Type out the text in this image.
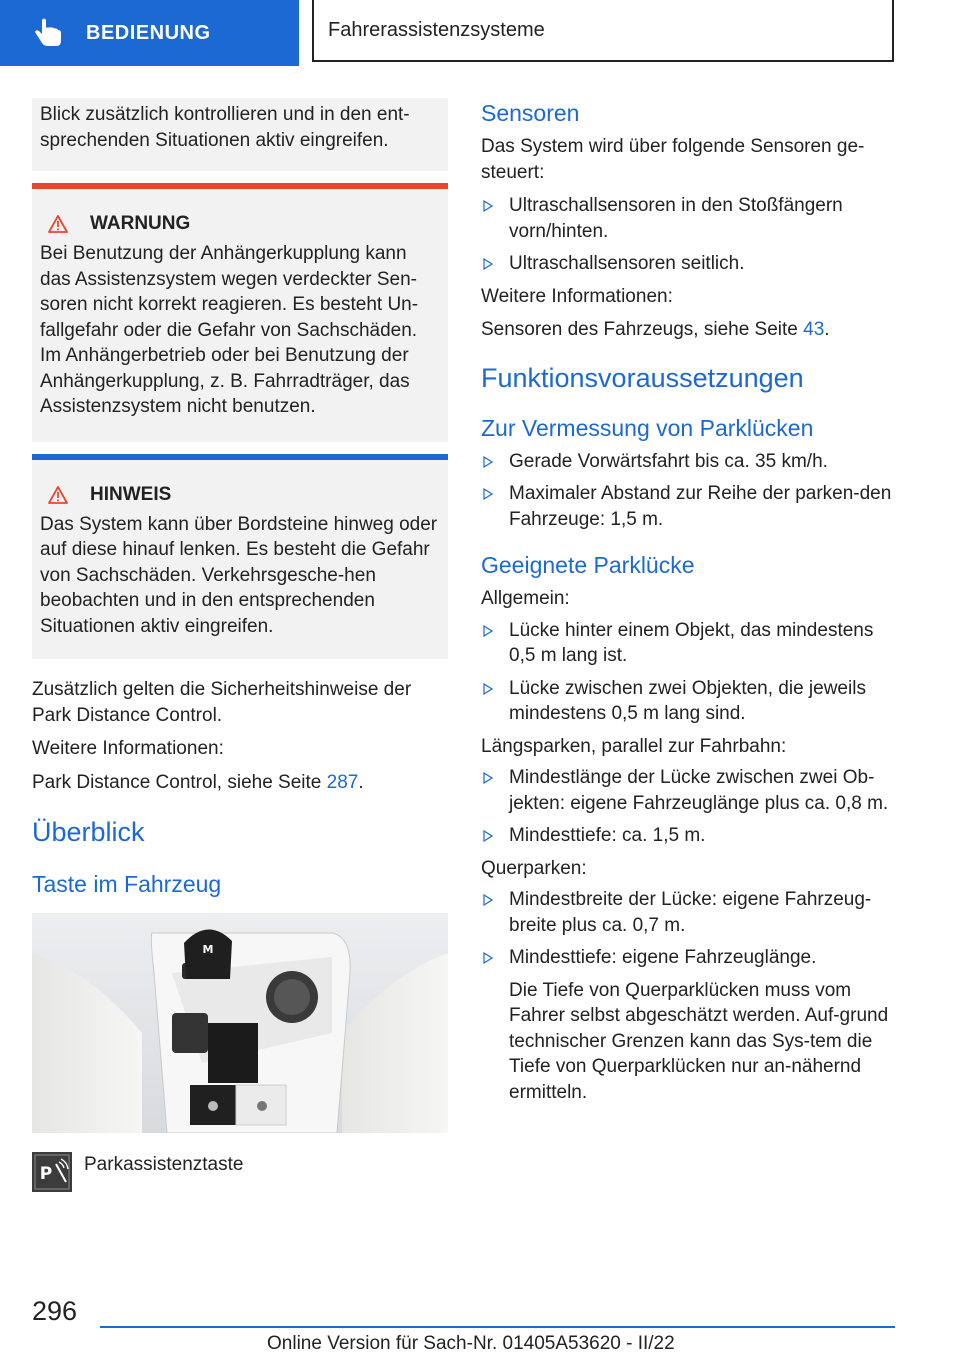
BEDIENUNG	Fahrerassistenzsysteme

Blick zusätzlich kontrollieren und in den ent-sprechenden Situationen aktiv eingreifen.

WARNUNG

Bei Benutzung der Anhängerkupplung kann das Assistenzsystem wegen verdeckter Sen-soren nicht korrekt reagieren. Es besteht Un-fallgefahr oder die Gefahr von Sachschäden. Im Anhängerbetrieb oder bei Benutzung der Anhängerkupplung, z. B. Fahrradträger, das Assistenzsystem nicht benutzen.

HINWEIS

Das System kann über Bordsteine hinweg oder auf diese hinauf lenken. Es besteht die Gefahr von Sachschäden. Verkehrsgesche-hen beobachten und in den entsprechenden Situationen aktiv eingreifen.

Zusätzlich gelten die Sicherheitshinweise der Park Distance Control.

Weitere Informationen:

Park Distance Control, siehe Seite 287.

Überblick
Taste im Fahrzeug
M
P Parkassistenztaste

Sensoren

Das System wird über folgende Sensoren ge-steuert:

Ultraschallsensoren in den Stoßfängern vorn/hinten.
Ultraschallsensoren seitlich.

Weitere Informationen:

Sensoren des Fahrzeugs, siehe Seite 43.

Funktionsvoraussetzungen
Zur Vermessung von Parklücken
Gerade Vorwärtsfahrt bis ca. 35 km/h.
Maximaler Abstand zur Reihe der parken-den Fahrzeuge: 1,5 m.
Geeignete Parklücke

Allgemein:

Lücke hinter einem Objekt, das mindestens 0,5 m lang ist.
Lücke zwischen zwei Objekten, die jeweils mindestens 0,5 m lang sind.

Längsparken, parallel zur Fahrbahn:

Mindestlänge der Lücke zwischen zwei Ob-jekten: eigene Fahrzeuglänge plus ca. 0,8 m.
Mindesttiefe: ca. 1,5 m.

Querparken:

Mindestbreite der Lücke: eigene Fahrzeug-breite plus ca. 0,7 m.
Mindesttiefe: eigene Fahrzeuglänge.

Die Tiefe von Querparklücken muss vom Fahrer selbst abgeschätzt werden. Auf-grund technischer Grenzen kann das Sys-tem die Tiefe von Querparklücken nur an-nähernd ermitteln.

296
Online Version für Sach-Nr. 01405A53620 - II/22
